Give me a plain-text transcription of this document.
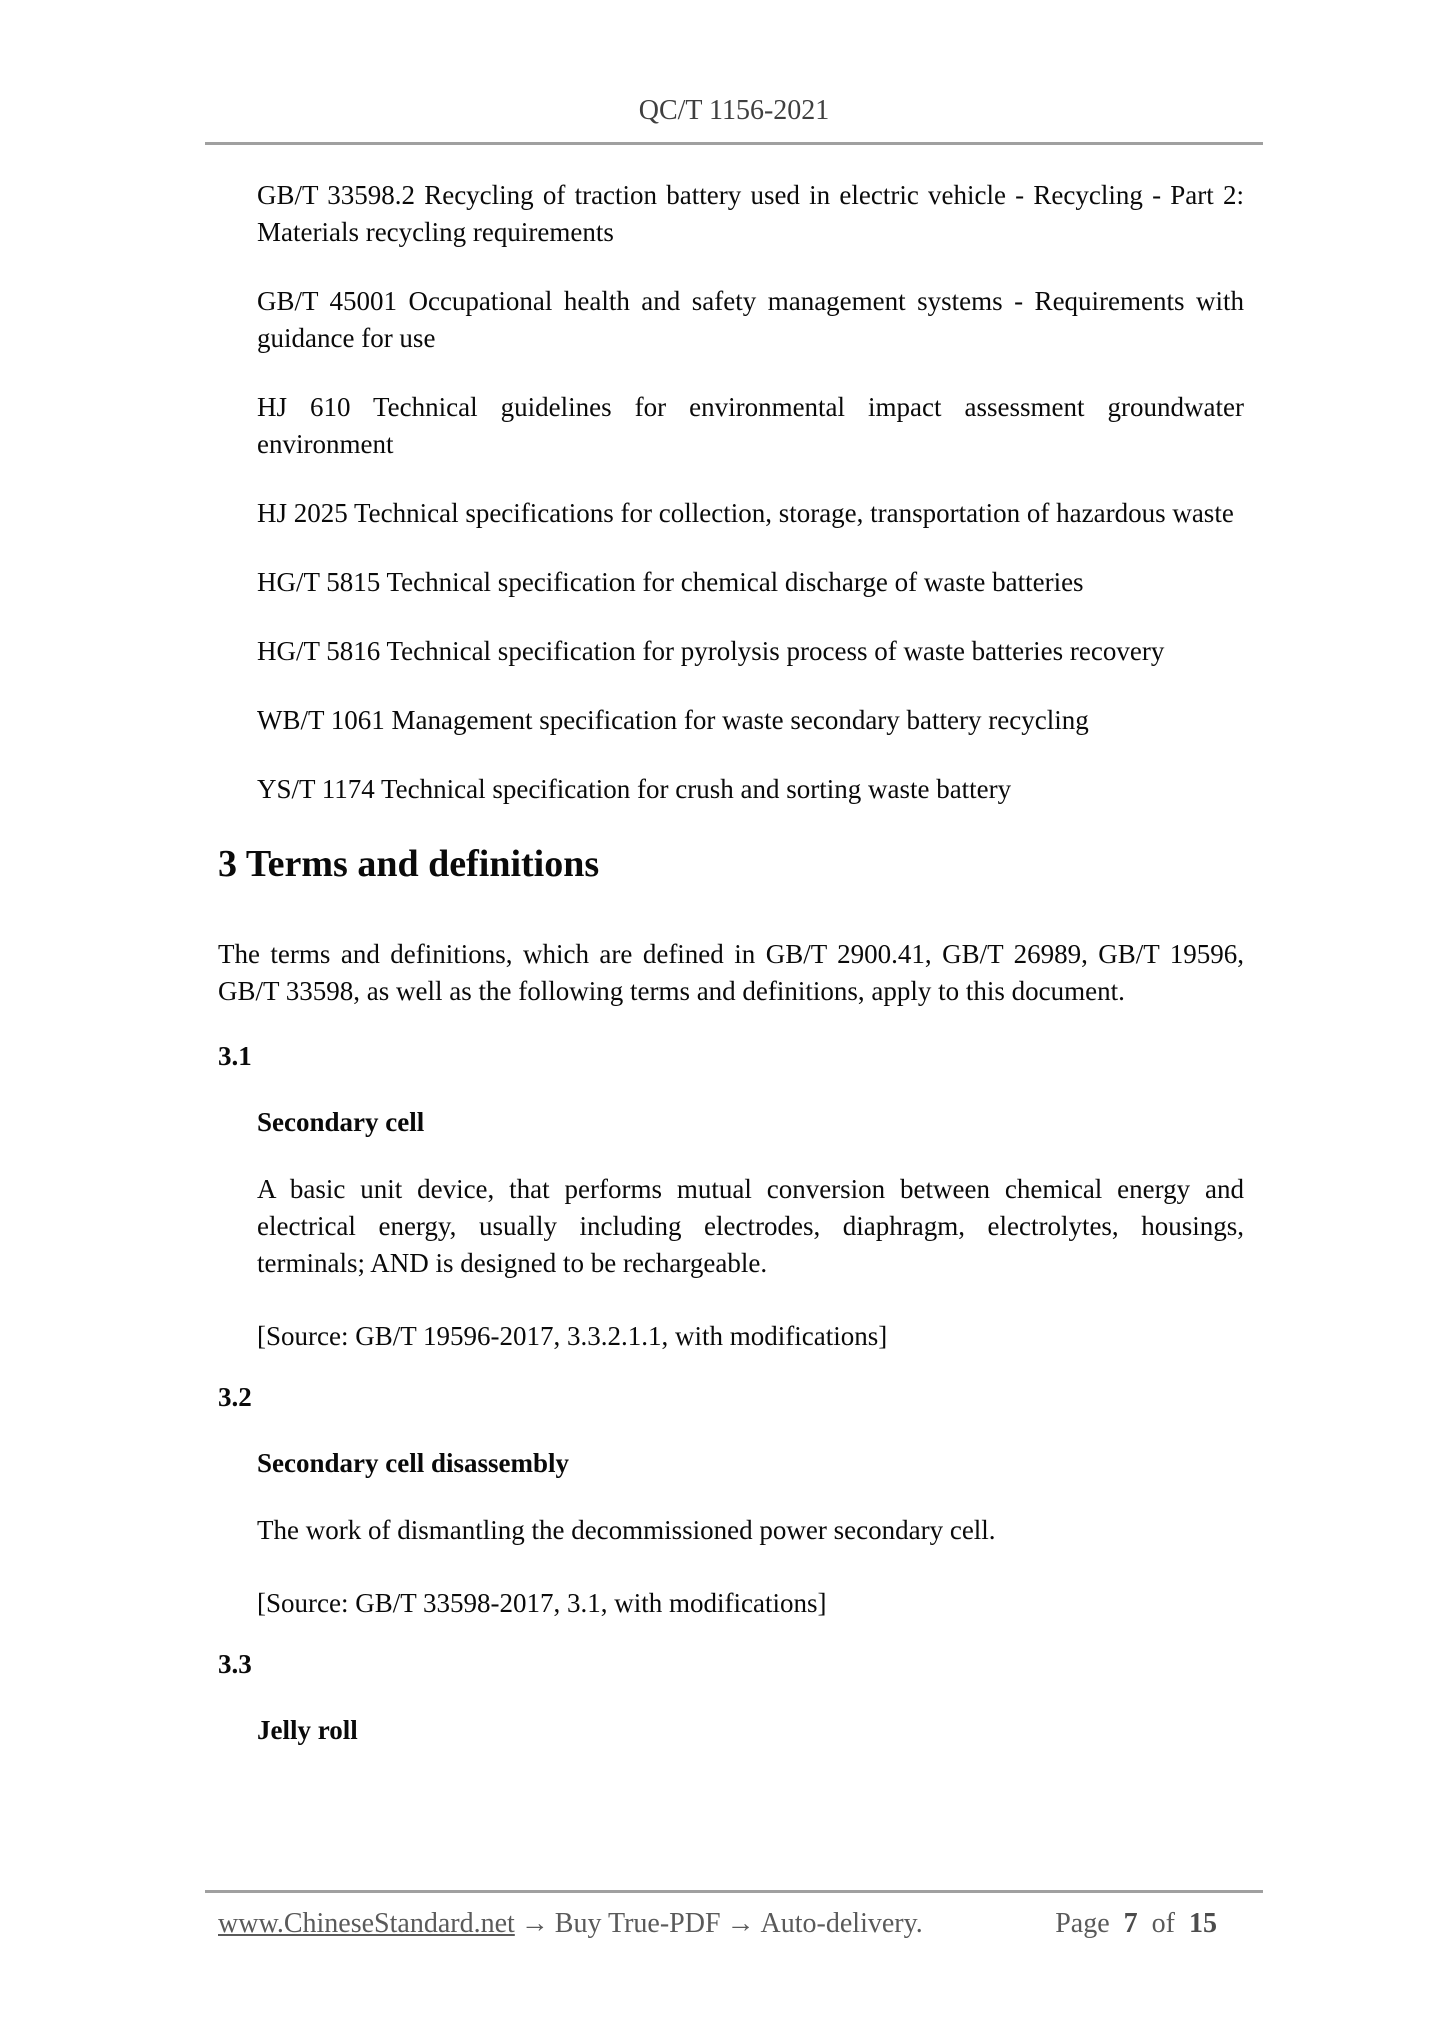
QC/T 1156-2021
GB/T 33598.2 Recycling of traction battery used in electric vehicle - Recycling - Part 2: Materials recycling requirements
GB/T 45001 Occupational health and safety management systems - Requirements with guidance for use
HJ 610 Technical guidelines for environmental impact assessment groundwater environment
HJ 2025 Technical specifications for collection, storage, transportation of hazardous waste
HG/T 5815 Technical specification for chemical discharge of waste batteries
HG/T 5816 Technical specification for pyrolysis process of waste batteries recovery
WB/T 1061 Management specification for waste secondary battery recycling
YS/T 1174 Technical specification for crush and sorting waste battery
3 Terms and definitions
The terms and definitions, which are defined in GB/T 2900.41, GB/T 26989, GB/T 19596, GB/T 33598, as well as the following terms and definitions, apply to this document.
3.1
Secondary cell
A basic unit device, that performs mutual conversion between chemical energy and electrical energy, usually including electrodes, diaphragm, electrolytes, housings, terminals; AND is designed to be rechargeable.
[Source: GB/T 19596-2017, 3.3.2.1.1, with modifications]
3.2
Secondary cell disassembly
The work of dismantling the decommissioned power secondary cell.
[Source: GB/T 33598-2017, 3.1, with modifications]
3.3
Jelly roll
www.ChineseStandard.net → Buy True-PDF → Auto-delivery.	Page 7 of 15
